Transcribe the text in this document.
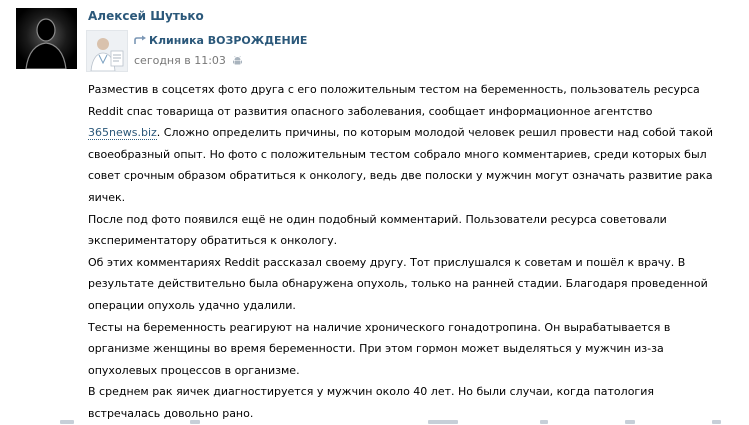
Алексей Шутько
Клиника ВОЗРОЖДЕНИЕ
сегодня в 11:03

Разместив в соцсетях фото друга с его положительным тестом на беременность, пользователь ресурса Reddit спас товарища от развития опасного заболевания, сообщает информационное агентство 365news.biz. Сложно определить причины, по которым молодой человек решил провести над собой такой своеобразный опыт. Но фото с положительным тестом собрало много комментариев, среди которых был совет срочным образом обратиться к онкологу, ведь две полоски у мужчин могут означать развитие рака яичек.

После под фото появился ещё не один подобный комментарий. Пользователи ресурса советовали экспериментатору обратиться к онкологу.

Об этих комментариях Reddit рассказал своему другу. Тот прислушался к советам и пошёл к врачу. В результате действительно была обнаружена опухоль, только на ранней стадии. Благодаря проведенной операции опухоль удачно удалили.

Тесты на беременность реагируют на наличие хронического гонадотропина. Он вырабатывается в организме женщины во время беременности. При этом гормон может выделяться у мужчин из-за опухолевых процессов в организме.

В среднем рак яичек диагностируется у мужчин около 40 лет. Но были случаи, когда патология встречалась довольно рано.
